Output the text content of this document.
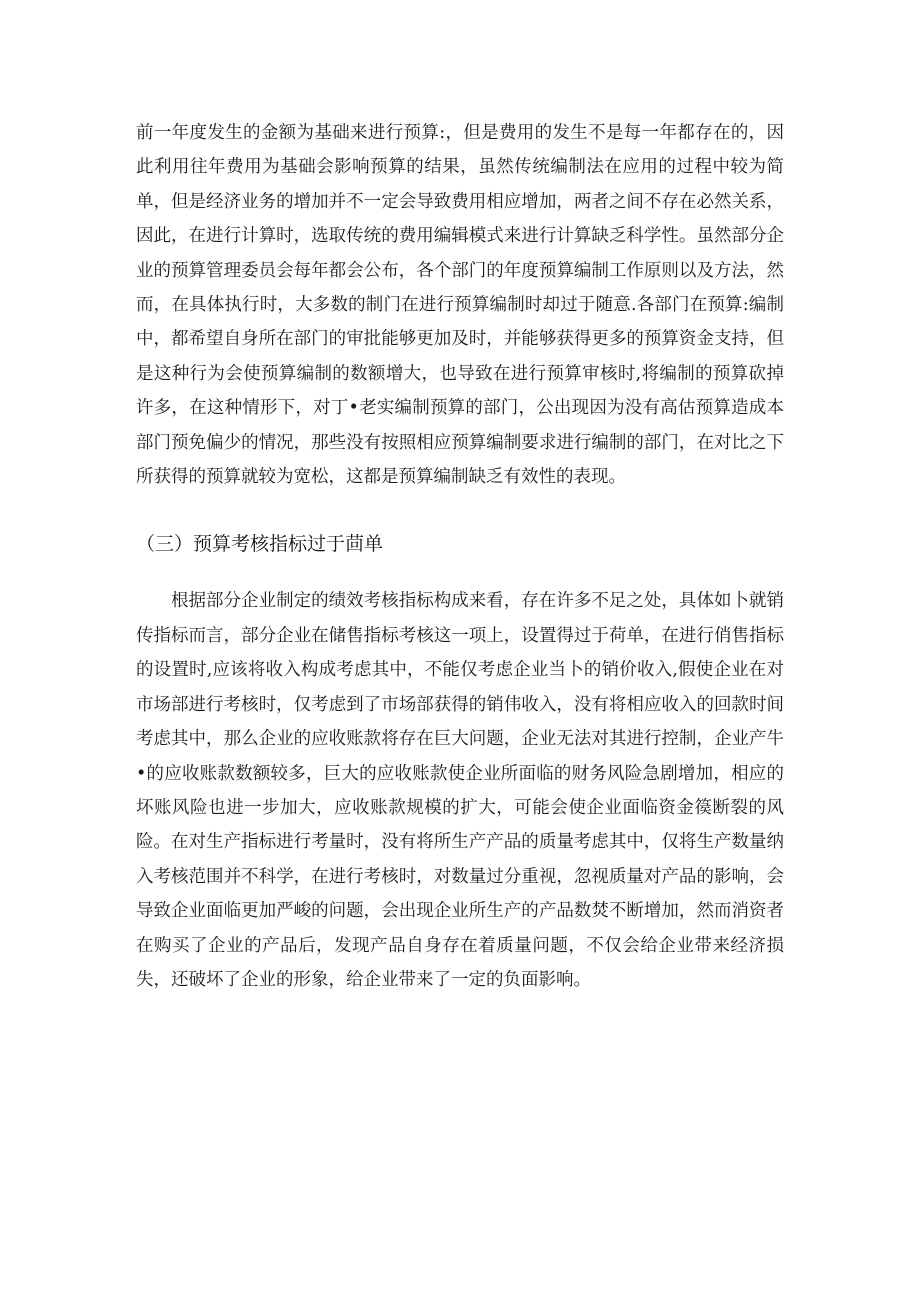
前一年度发生的金额为基础来进行预算:，但是费用的发生不是每一年都存在的，因此利用往年费用为基础会影响预算的结果，虽然传统编制法在应用的过程中较为简单，但是经济业务的增加并不一定会导致费用相应增加，两者之间不存在必然关系，因此，在进行计算时，选取传统的费用编辑模式来进行计算缺乏科学性。虽然部分企业的预算管理委员会每年都会公布，各个部门的年度预算编制工作原则以及方法，然而，在具体执行时，大多数的制门在进行预算编制时却过于随意.各部门在预算:编制中，都希望自身所在部门的审批能够更加及时，并能够获得更多的预算资金支持，但是这种行为会使预算编制的数额增大，也导致在进行预算审核时,将编制的预算砍掉许多，在这种情形下，对丁•老实编制预算的部门，公出现因为没有高估预算造成本部门预免偏少的情况，那些没有按照相应预算编制要求进行编制的部门，在对比之下所获得的预算就较为宽松，这都是预算编制缺乏有效性的表现。

（三）预算考核指标过于茴单

根据部分企业制定的绩效考核指标构成来看，存在许多不足之处，具体如卜就销传指标而言，部分企业在储售指标考核这一项上，设置得过于荷单，在进行俏售指标的设置时,应该将收入构成考虑其中，不能仅考虑企业当卜的销价收入,假使企业在对市场部进行考核时，仅考虑到了市场部获得的销伟收入，没有将相应收入的回款时间考虑其中，那么企业的应收账款将存在巨大问题，企业无法对其进行控制，企业产牛•的应收账款数额较多，巨大的应收账款使企业所面临的财务风险急剧增加，相应的坏账风险也进一步加大，应收账款规模的扩大，可能会使企业面临资金篌断裂的风险。在对生产指标进行考量时，没有将所生产产品的质量考虑其中，仅将生产数量纳入考核范围并不科学，在进行考核时，对数量过分重视，忽视质量对产品的影响，会导致企业面临更加严峻的问题，会出现企业所生产的产品数焚不断增加，然而消资者在购买了企业的产品后，发现产品自身存在着质量问题，不仅会给企业带来经济损失，还破坏了企业的形象，给企业带来了一定的负面影响。
